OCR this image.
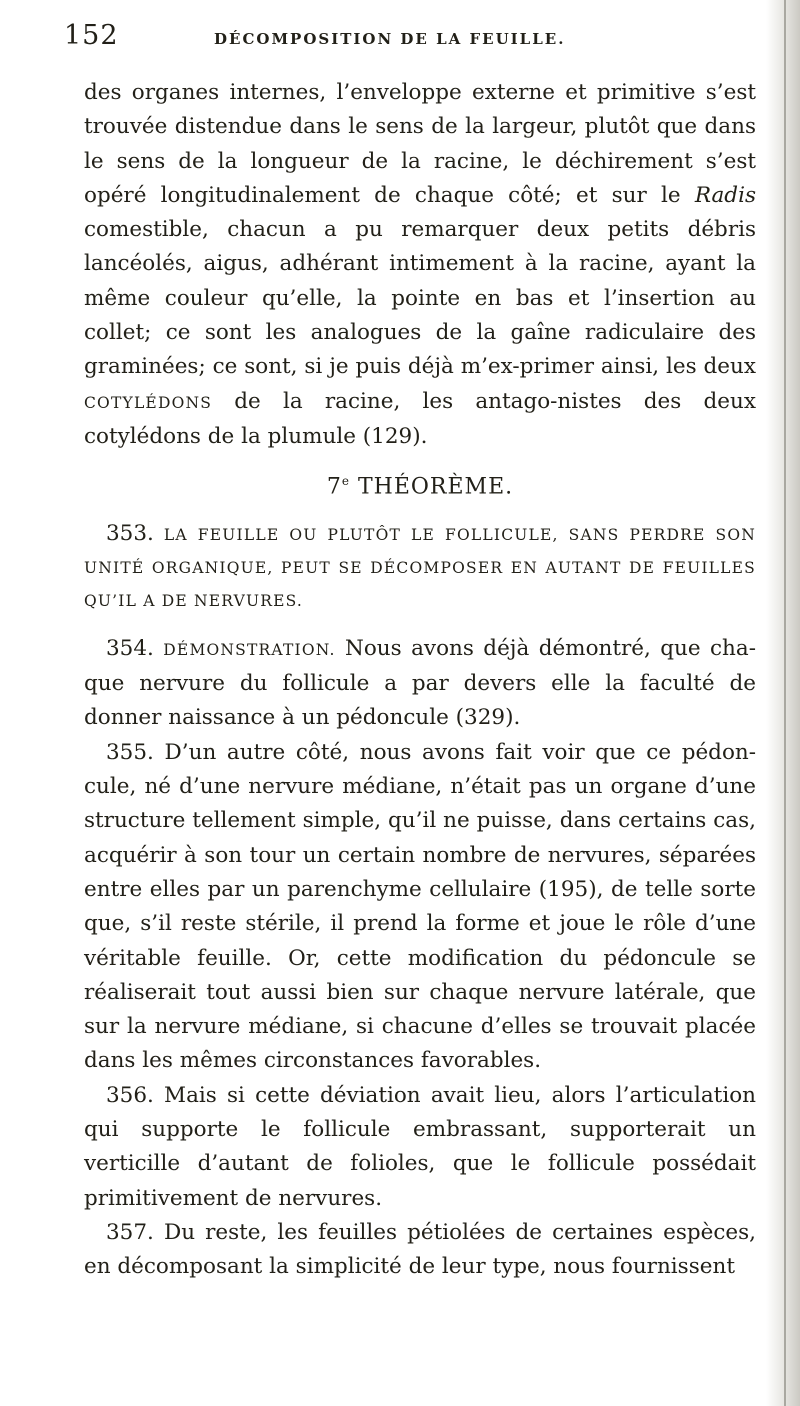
152	DÉCOMPOSITION DE LA FEUILLE.

des organes internes, l’enveloppe externe et primitive s’est trouvée distendue dans le sens de la largeur, plutôt que dans le sens de la longueur de la racine, le déchirement s’est opéré longitudinalement de chaque côté; et sur le Radis comestible, chacun a pu remarquer deux petits débris lancéolés, aigus, adhérant intimement à la racine, ayant la même couleur qu’elle, la pointe en bas et l’insertion au collet; ce sont les analogues de la gaîne radiculaire des graminées; ce sont, si je puis déjà m’ex-primer ainsi, les deux COTYLÉDONS de la racine, les antago-nistes des deux cotylédons de la plumule (129).

7e THÉORÈME.

353. LA FEUILLE OU PLUTÔT LE FOLLICULE, SANS PERDRE SON UNITÉ ORGANIQUE, PEUT SE DÉCOMPOSER EN AUTANT DE FEUILLES QU’IL A DE NERVURES.

354. DÉMONSTRATION. Nous avons déjà démontré, que cha-que nervure du follicule a par devers elle la faculté de donner naissance à un pédoncule (329).

355. D’un autre côté, nous avons fait voir que ce pédon-cule, né d’une nervure médiane, n’était pas un organe d’une structure tellement simple, qu’il ne puisse, dans certains cas, acquérir à son tour un certain nombre de nervures, séparées entre elles par un parenchyme cellulaire (195), de telle sorte que, s’il reste stérile, il prend la forme et joue le rôle d’une véritable feuille. Or, cette modification du pédoncule se réaliserait tout aussi bien sur chaque nervure latérale, que sur la nervure médiane, si chacune d’elles se trouvait placée dans les mêmes circonstances favorables.

356. Mais si cette déviation avait lieu, alors l’articulation qui supporte le follicule embrassant, supporterait un verticille d’autant de folioles, que le follicule possédait primitivement de nervures.

357. Du reste, les feuilles pétiolées de certaines espèces, en décomposant la simplicité de leur type, nous fournissent
